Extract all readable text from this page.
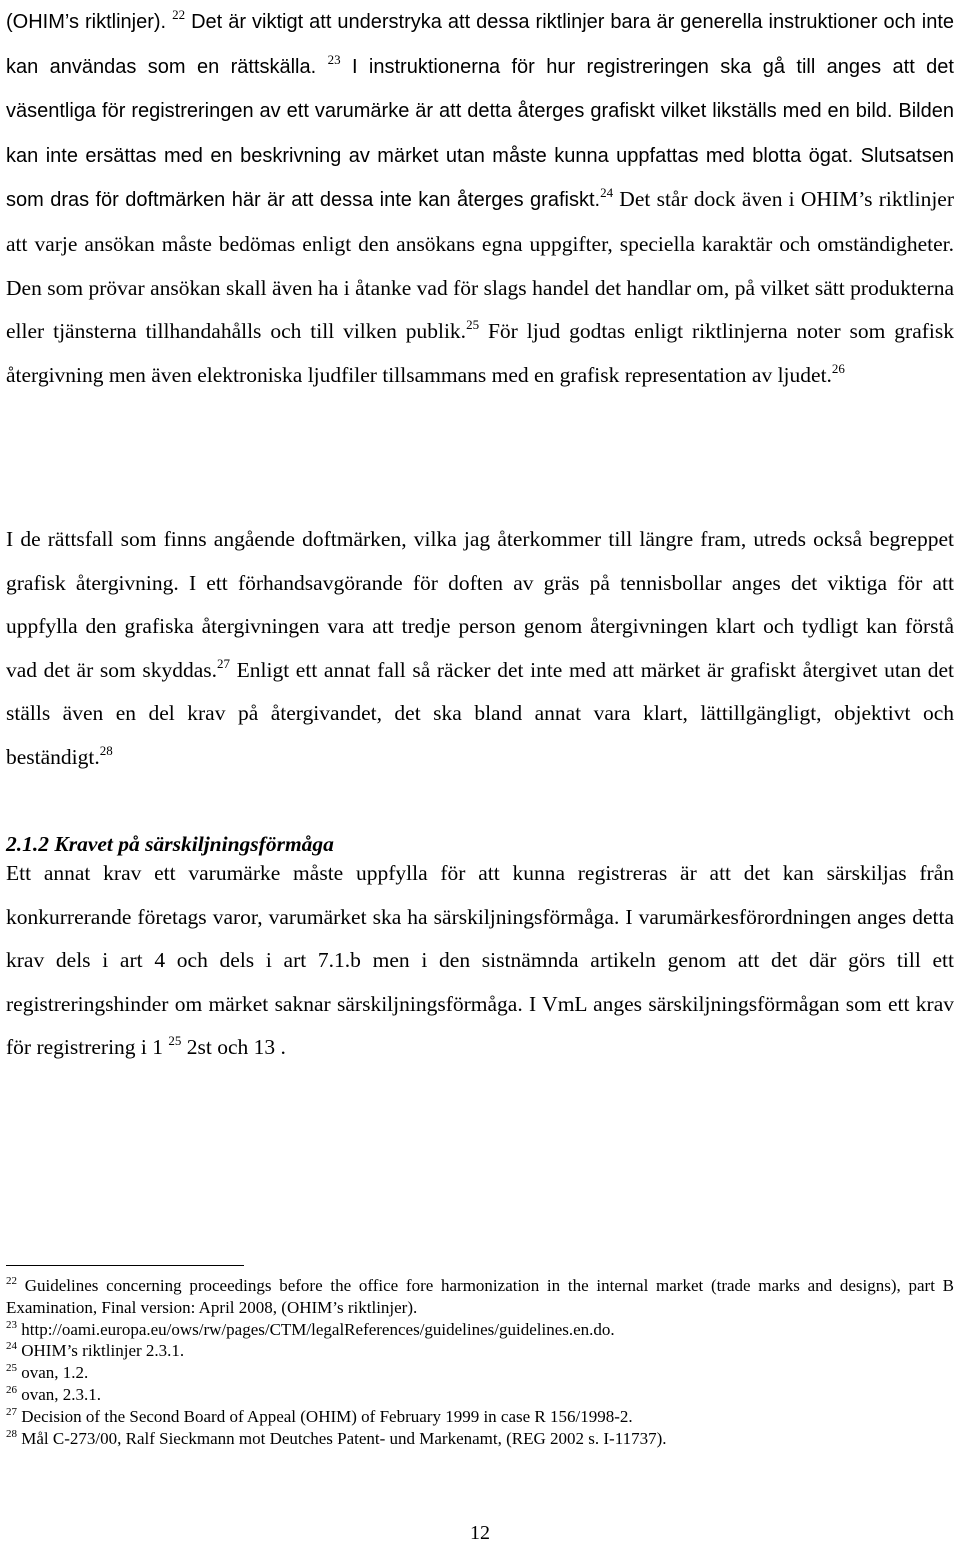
(OHIM’s riktlinjer). $^{22}$ Det är viktigt att understryka att dessa riktlinjer bara är generella instruktioner och inte kan användas som en rättskälla. $^{23}$ I instruktionerna för hur registreringen ska gå till anges att det väsentliga för registreringen av ett varumärke är att detta återges grafiskt vilket likställs med en bild. Bilden kan inte ersättas med en beskrivning av märket utan måste kunna uppfattas med blotta ögat. Slutsatsen som dras för doftmärken här är att dessa inte kan återges grafiskt.$^{24}$ Det står dock även i OHIM’s riktlinjer att varje ansökan måste bedömas enligt den ansökans egna uppgifter, speciella karaktär och omständigheter. Den som prövar ansökan skall även ha i åtanke vad för slags handel det handlar om, på vilket sätt produkterna eller tjänsterna tillhandahålls och till vilken publik.$^{25}$ För ljud godtas enligt riktlinjerna noter som grafisk återgivning men även elektroniska ljudfiler tillsammans med en grafisk representation av ljudet.$^{26}$

I de rättsfall som finns angående doftmärken, vilka jag återkommer till längre fram, utreds också begreppet grafisk återgivning. I ett förhandsavgörande för doften av gräs på tennisbollar anges det viktiga för att uppfylla den grafiska återgivningen vara att tredje person genom återgivningen klart och tydligt kan förstå vad det är som skyddas.$^{27}$ Enligt ett annat fall så räcker det inte med att märket är grafiskt återgivet utan det ställs även en del krav på återgivandet, det ska bland annat vara klart, lättillgängligt, objektivt och beständigt.$^{28}$

2.1.2 Kravet på särskiljningsförmåga

Ett annat krav ett varumärke måste uppfylla för att kunna registreras är att det kan särskiljas från konkurrerande företags varor, varumärket ska ha särskiljningsförmåga. I varumärkesförordningen anges detta krav dels i art 4 och dels i art 7.1.b men i den sistnämnda artikeln genom att det där görs till ett registreringshinder om märket saknar särskiljningsförmåga. I VmL anges särskiljningsförmågan som ett krav för registrering i 1 $^{25}$ 2st och 13 .

$^{22}$ Guidelines concerning proceedings before the office fore harmonization in the internal market (trade marks and designs), part B Examination, Final version: April 2008, (OHIM’s riktlinjer).
$^{23}$ http://oami.europa.eu/ows/rw/pages/CTM/legalReferences/guidelines/guidelines.en.do.
$^{24}$ OHIM’s riktlinjer 2.3.1.
$^{25}$ ovan, 1.2.
$^{26}$ ovan, 2.3.1.
$^{27}$ Decision of the Second Board of Appeal (OHIM) of February 1999 in case R 156/1998-2.
$^{28}$ Mål C-273/00, Ralf Sieckmann mot Deutches Patent- und Markenamt, (REG 2002 s. I-11737).
12
